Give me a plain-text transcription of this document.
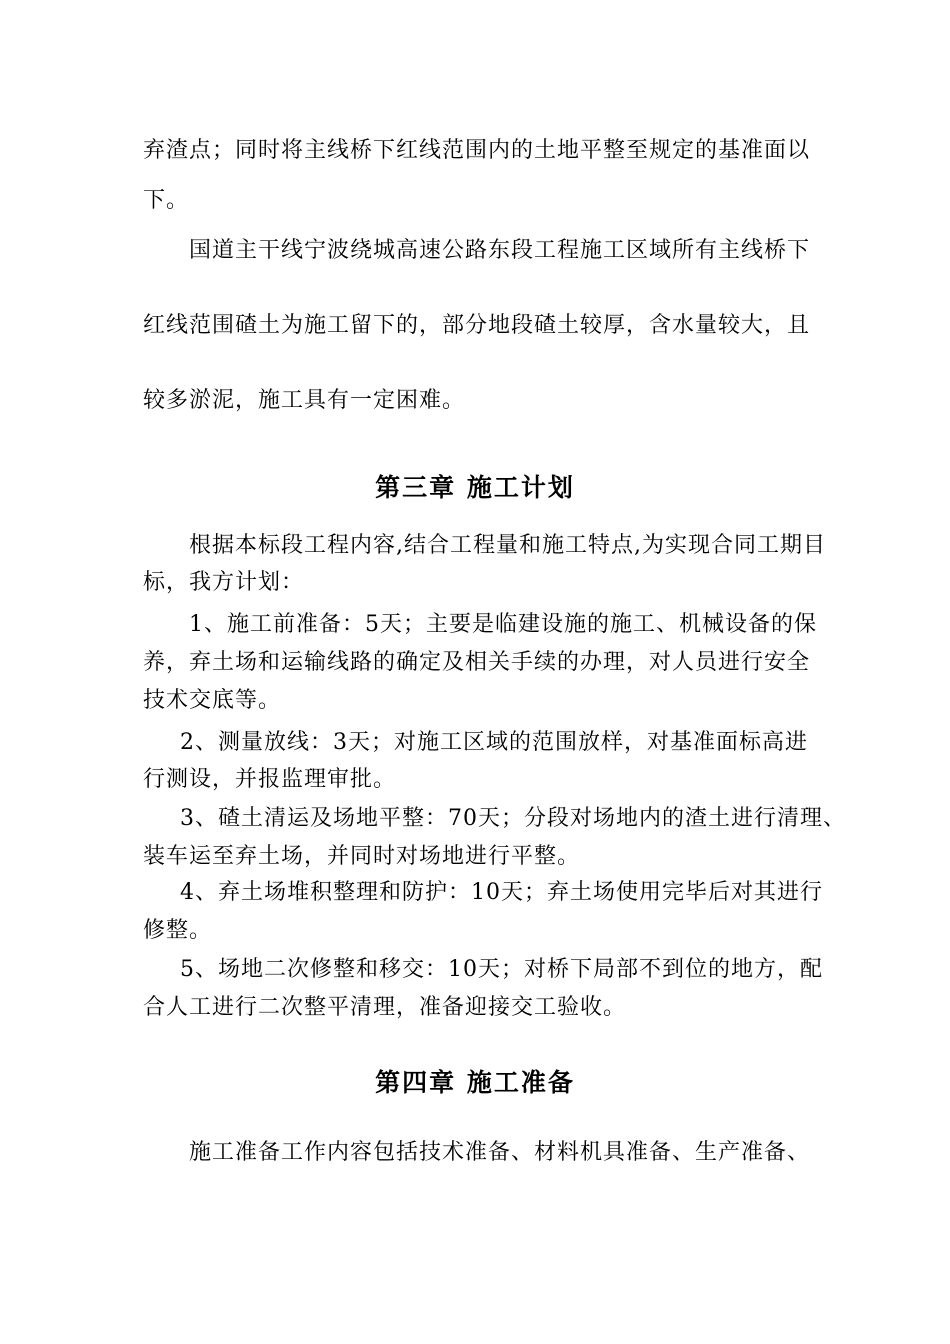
弃渣点；同时将主线桥下红线范围内的土地平整至规定的基准面以

下。

国道主干线宁波绕城高速公路东段工程施工区域所有主线桥下

红线范围碴土为施工留下的，部分地段碴土较厚，含水量较大，且

较多淤泥，施工具有一定困难。

第三章 施工计划

根据本标段工程内容,结合工程量和施工特点,为实现合同工期目

标，我方计划：

1、施工前准备：5天；主要是临建设施的施工、机械设备的保

养，弃土场和运输线路的确定及相关手续的办理，对人员进行安全

技术交底等。

2、测量放线：3天；对施工区域的范围放样，对基准面标高进

行测设，并报监理审批。

3、碴土清运及场地平整：70天；分段对场地内的渣土进行清理、

装车运至弃土场，并同时对场地进行平整。

4、弃土场堆积整理和防护：10天；弃土场使用完毕后对其进行

修整。

5、场地二次修整和移交：10天；对桥下局部不到位的地方，配

合人工进行二次整平清理，准备迎接交工验收。

第四章 施工准备

施工准备工作内容包括技术准备、材料机具准备、生产准备、
